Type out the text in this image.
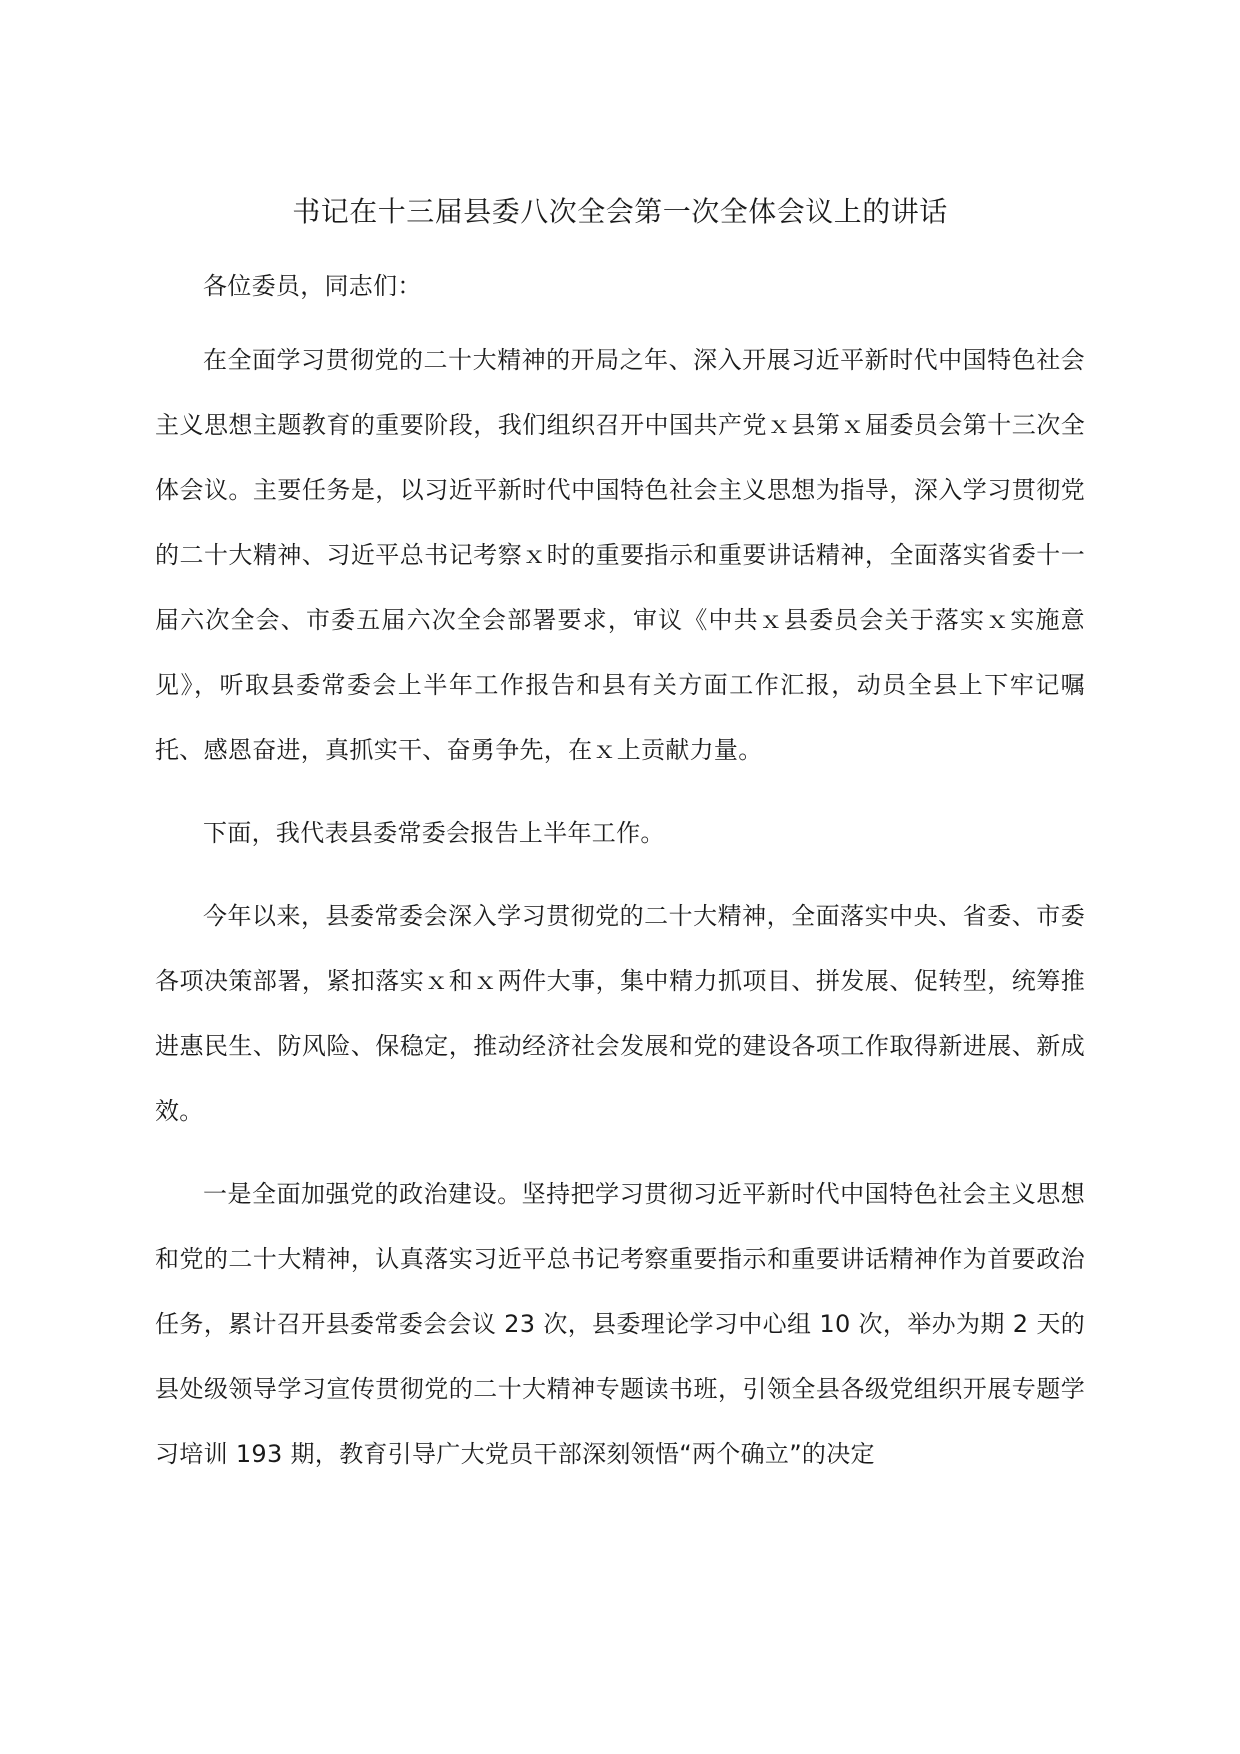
书记在十三届县委八次全会第一次全体会议上的讲话

各位委员，同志们：

在全面学习贯彻党的二十大精神的开局之年、深入开展习近平新时代中国特色社会主义思想主题教育的重要阶段，我们组织召开中国共产党ｘ县第ｘ届委员会第十三次全体会议。主要任务是，以习近平新时代中国特色社会主义思想为指导，深入学习贯彻党的二十大精神、习近平总书记考察ｘ时的重要指示和重要讲话精神，全面落实省委十一届六次全会、市委五届六次全会部署要求，审议《中共ｘ县委员会关于落实ｘ实施意见》，听取县委常委会上半年工作报告和县有关方面工作汇报，动员全县上下牢记嘱托、感恩奋进，真抓实干、奋勇争先，在ｘ上贡献力量。

下面，我代表县委常委会报告上半年工作。

今年以来，县委常委会深入学习贯彻党的二十大精神，全面落实中央、省委、市委各项决策部署，紧扣落实ｘ和ｘ两件大事，集中精力抓项目、拼发展、促转型，统筹推进惠民生、防风险、保稳定，推动经济社会发展和党的建设各项工作取得新进展、新成效。

一是全面加强党的政治建设。坚持把学习贯彻习近平新时代中国特色社会主义思想和党的二十大精神，认真落实习近平总书记考察重要指示和重要讲话精神作为首要政治任务，累计召开县委常委会会议 23 次，县委理论学习中心组 10 次，举办为期 2 天的县处级领导学习宣传贯彻党的二十大精神专题读书班，引领全县各级党组织开展专题学习培训 193 期，教育引导广大党员干部深刻领悟“两个确立”的决定
